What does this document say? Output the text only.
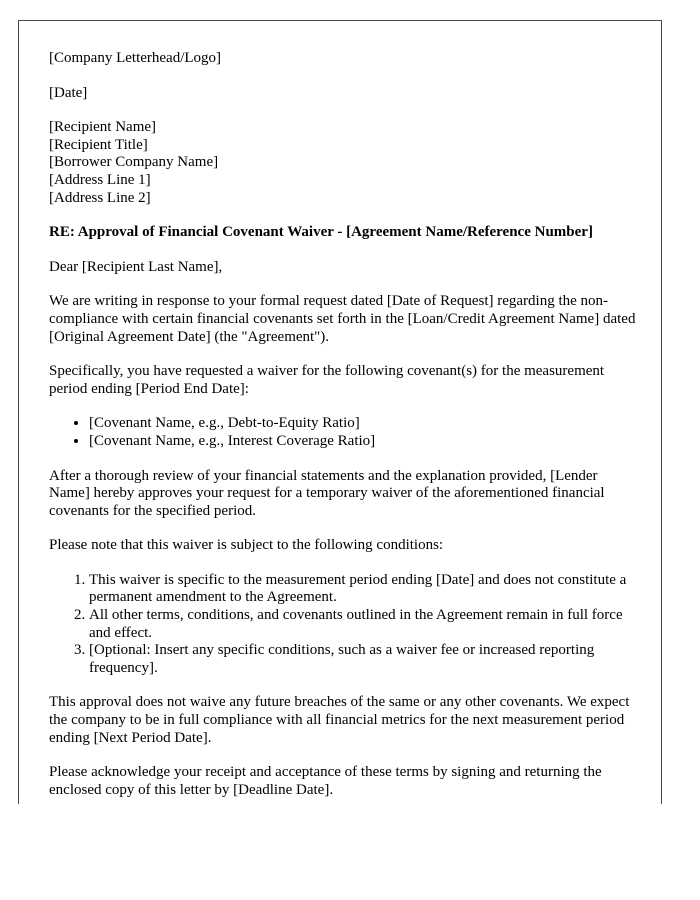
[Company Letterhead/Logo]

[Date]

[Recipient Name]
[Recipient Title]
[Borrower Company Name]
[Address Line 1]
[Address Line 2]

RE: Approval of Financial Covenant Waiver - [Agreement Name/Reference Number]

Dear [Recipient Last Name],

We are writing in response to your formal request dated [Date of Request] regarding the non-compliance with certain financial covenants set forth in the [Loan/Credit Agreement Name] dated [Original Agreement Date] (the "Agreement").

Specifically, you have requested a waiver for the following covenant(s) for the measurement period ending [Period End Date]:

• [Covenant Name, e.g., Debt-to-Equity Ratio]
• [Covenant Name, e.g., Interest Coverage Ratio]

After a thorough review of your financial statements and the explanation provided, [Lender Name] hereby approves your request for a temporary waiver of the aforementioned financial covenants for the specified period.

Please note that this waiver is subject to the following conditions:

1. This waiver is specific to the measurement period ending [Date] and does not constitute a permanent amendment to the Agreement.
2. All other terms, conditions, and covenants outlined in the Agreement remain in full force and effect.
3. [Optional: Insert any specific conditions, such as a waiver fee or increased reporting frequency].

This approval does not waive any future breaches of the same or any other covenants. We expect the company to be in full compliance with all financial metrics for the next measurement period ending [Next Period Date].

Please acknowledge your receipt and acceptance of these terms by signing and returning the enclosed copy of this letter by [Deadline Date].
